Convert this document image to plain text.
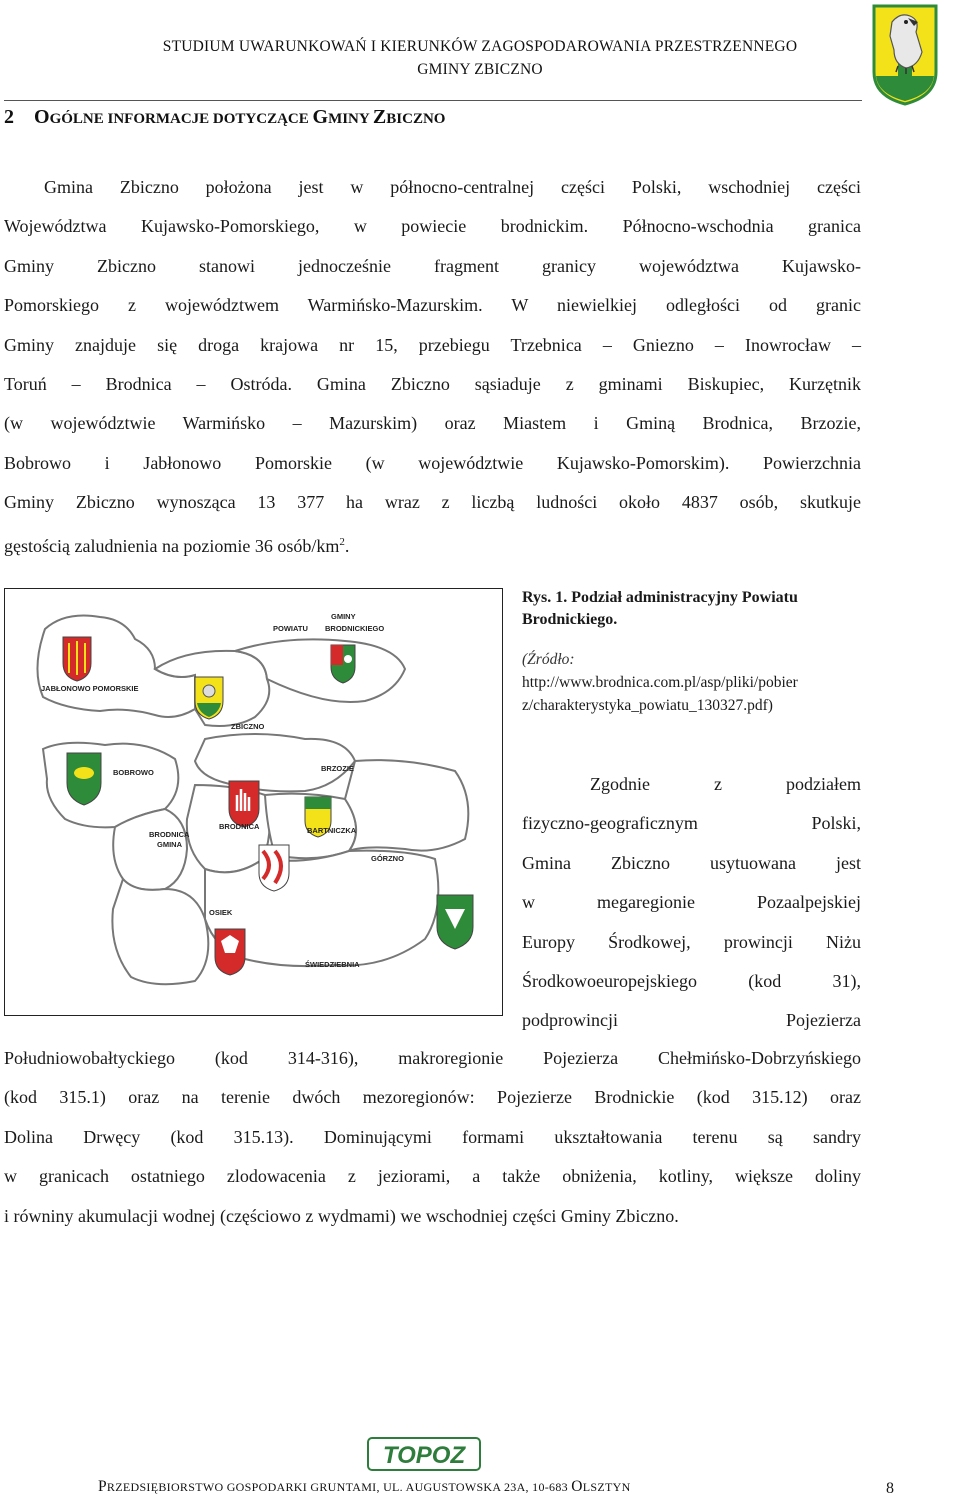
STUDIUM UWARUNKOWAŃ I KIERUNKÓW ZAGOSPODAROWANIA PRZESTRZENNEGO
GMINY ZBICZNO
2 OGÓLNE INFORMACJE DOTYCZĄCE GMINY ZBICZNO
Gmina Zbiczno położona jest w północno-centralnej części Polski, wschodniej części
Województwa Kujawsko-Pomorskiego, w powiecie brodnickim. Północno-wschodnia granica
Gminy Zbiczno stanowi jednocześnie fragment granicy województwa Kujawsko-
Pomorskiego z województwem Warmińsko-Mazurskim. W niewielkiej odległości od granic
Gminy znajduje się droga krajowa nr 15, przebiegu Trzebnica – Gniezno – Inowrocław –
Toruń – Brodnica – Ostróda. Gmina Zbiczno sąsiaduje z gminami Biskupiec, Kurzętnik
(w województwie Warmińsko – Mazurskim) oraz Miastem i Gminą Brodnica, Brzozie,
Bobrowo i Jabłonowo Pomorskie (w województwie Kujawsko-Pomorskim). Powierzchnia
Gminy Zbiczno wynosząca 13 377 ha wraz z liczbą ludności około 4837 osób, skutkuje
gęstością zaludnienia na poziomie 36 osób/$km^2$.
GMINY
POWIATU BRODNICKIEGO
JABŁONOWO POMORSKIE
ZBICZNO
BOBROWO	BRZOZIE
BRODNICA
GMINA
BRODNICA	BARTNICZKA
GÓRZNO
OSIEK
ŚWIEDZIEBNIA
Rys. 1. Podział administracyjny Powiatu Brodnickiego.
(Źródło:
http://www.brodnica.com.pl/asp/pliki/pobier
z/charakterystyka_powiatu_130327.pdf)
Zgodnie z podziałem
fizyczno-geograficznym Polski,
Gmina Zbiczno usytuowana jest
w megaregionie Pozaalpejskiej
Europy Środkowej, prowincji Niżu
Środkowoeuropejskiego (kod 31),
podprowincji Pojezierza
Południowobałtyckiego (kod 314-316), makroregionie Pojezierza Chełmińsko-Dobrzyńskiego
(kod 315.1) oraz na terenie dwóch mezoregionów: Pojezierze Brodnickie (kod 315.12) oraz
Dolina Drwęcy (kod 315.13). Dominującymi formami ukształtowania terenu są sandry
w granicach ostatniego zlodowacenia z jeziorami, a także obniżenia, kotliny, większe doliny
i równiny akumulacji wodnej (częściowo z wydmami) we wschodniej części Gminy Zbiczno.
TOPOZ
PRZEDSIĘBIORSTWO GOSPODARKI GRUNTAMI, UL. AUGUSTOWSKA 23A, 10-683 OLSZTYN	8
